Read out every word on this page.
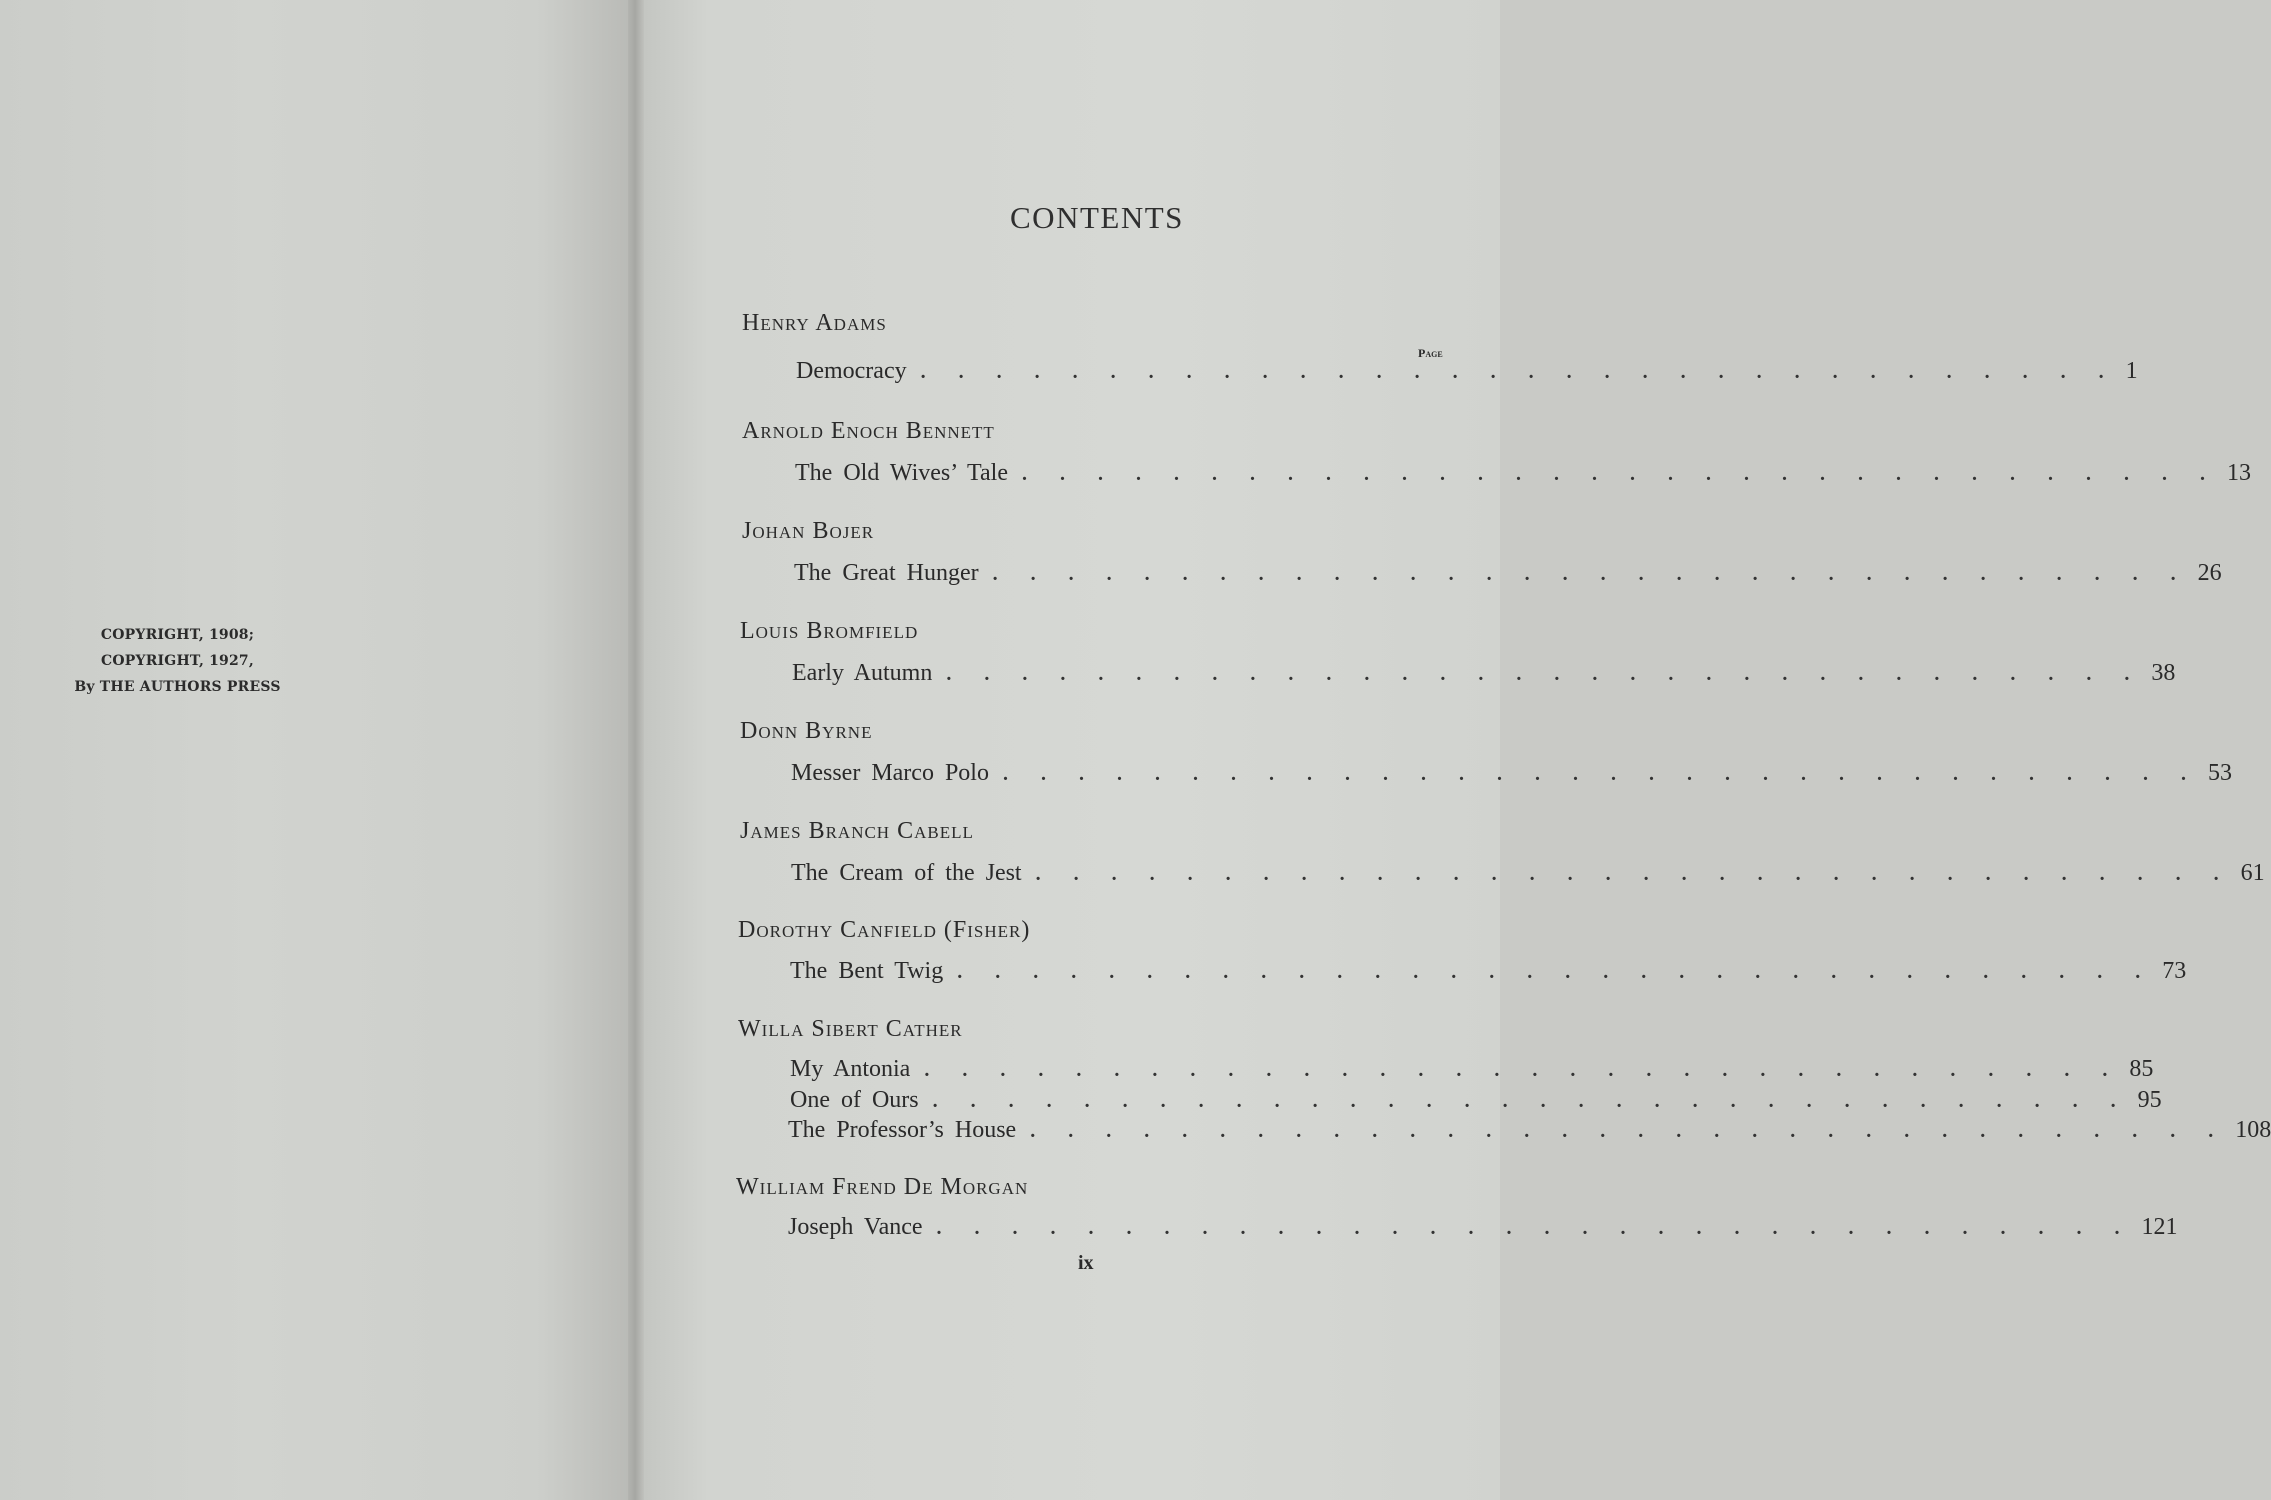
COPYRIGHT, 1908;
COPYRIGHT, 1927,
By THE AUTHORS PRESS
CONTENTS
Page
Henry Adams
Democracy . . . . . . . . . . . . . . . . . . . . . . . . . . . . . . . . 1
Arnold Enoch Bennett
The Old Wives’ Tale . . . . . . . . . . . . . . . . . . . . . . . . . . . . . . . . 13
Johan Bojer
The Great Hunger . . . . . . . . . . . . . . . . . . . . . . . . . . . . . . . . 26
Louis Bromfield
Early Autumn . . . . . . . . . . . . . . . . . . . . . . . . . . . . . . . . 38
Donn Byrne
Messer Marco Polo . . . . . . . . . . . . . . . . . . . . . . . . . . . . . . . . 53
James Branch Cabell
The Cream of the Jest . . . . . . . . . . . . . . . . . . . . . . . . . . . . . . . . 61
Dorothy Canfield (Fisher)
The Bent Twig . . . . . . . . . . . . . . . . . . . . . . . . . . . . . . . . 73
Willa Sibert Cather
My Antonia . . . . . . . . . . . . . . . . . . . . . . . . . . . . . . . . 85
One of Ours . . . . . . . . . . . . . . . . . . . . . . . . . . . . . . . . 95
The Professor’s House . . . . . . . . . . . . . . . . . . . . . . . . . . . . . . . . 108
William Frend De Morgan
Joseph Vance . . . . . . . . . . . . . . . . . . . . . . . . . . . . . . . . 121
ix
